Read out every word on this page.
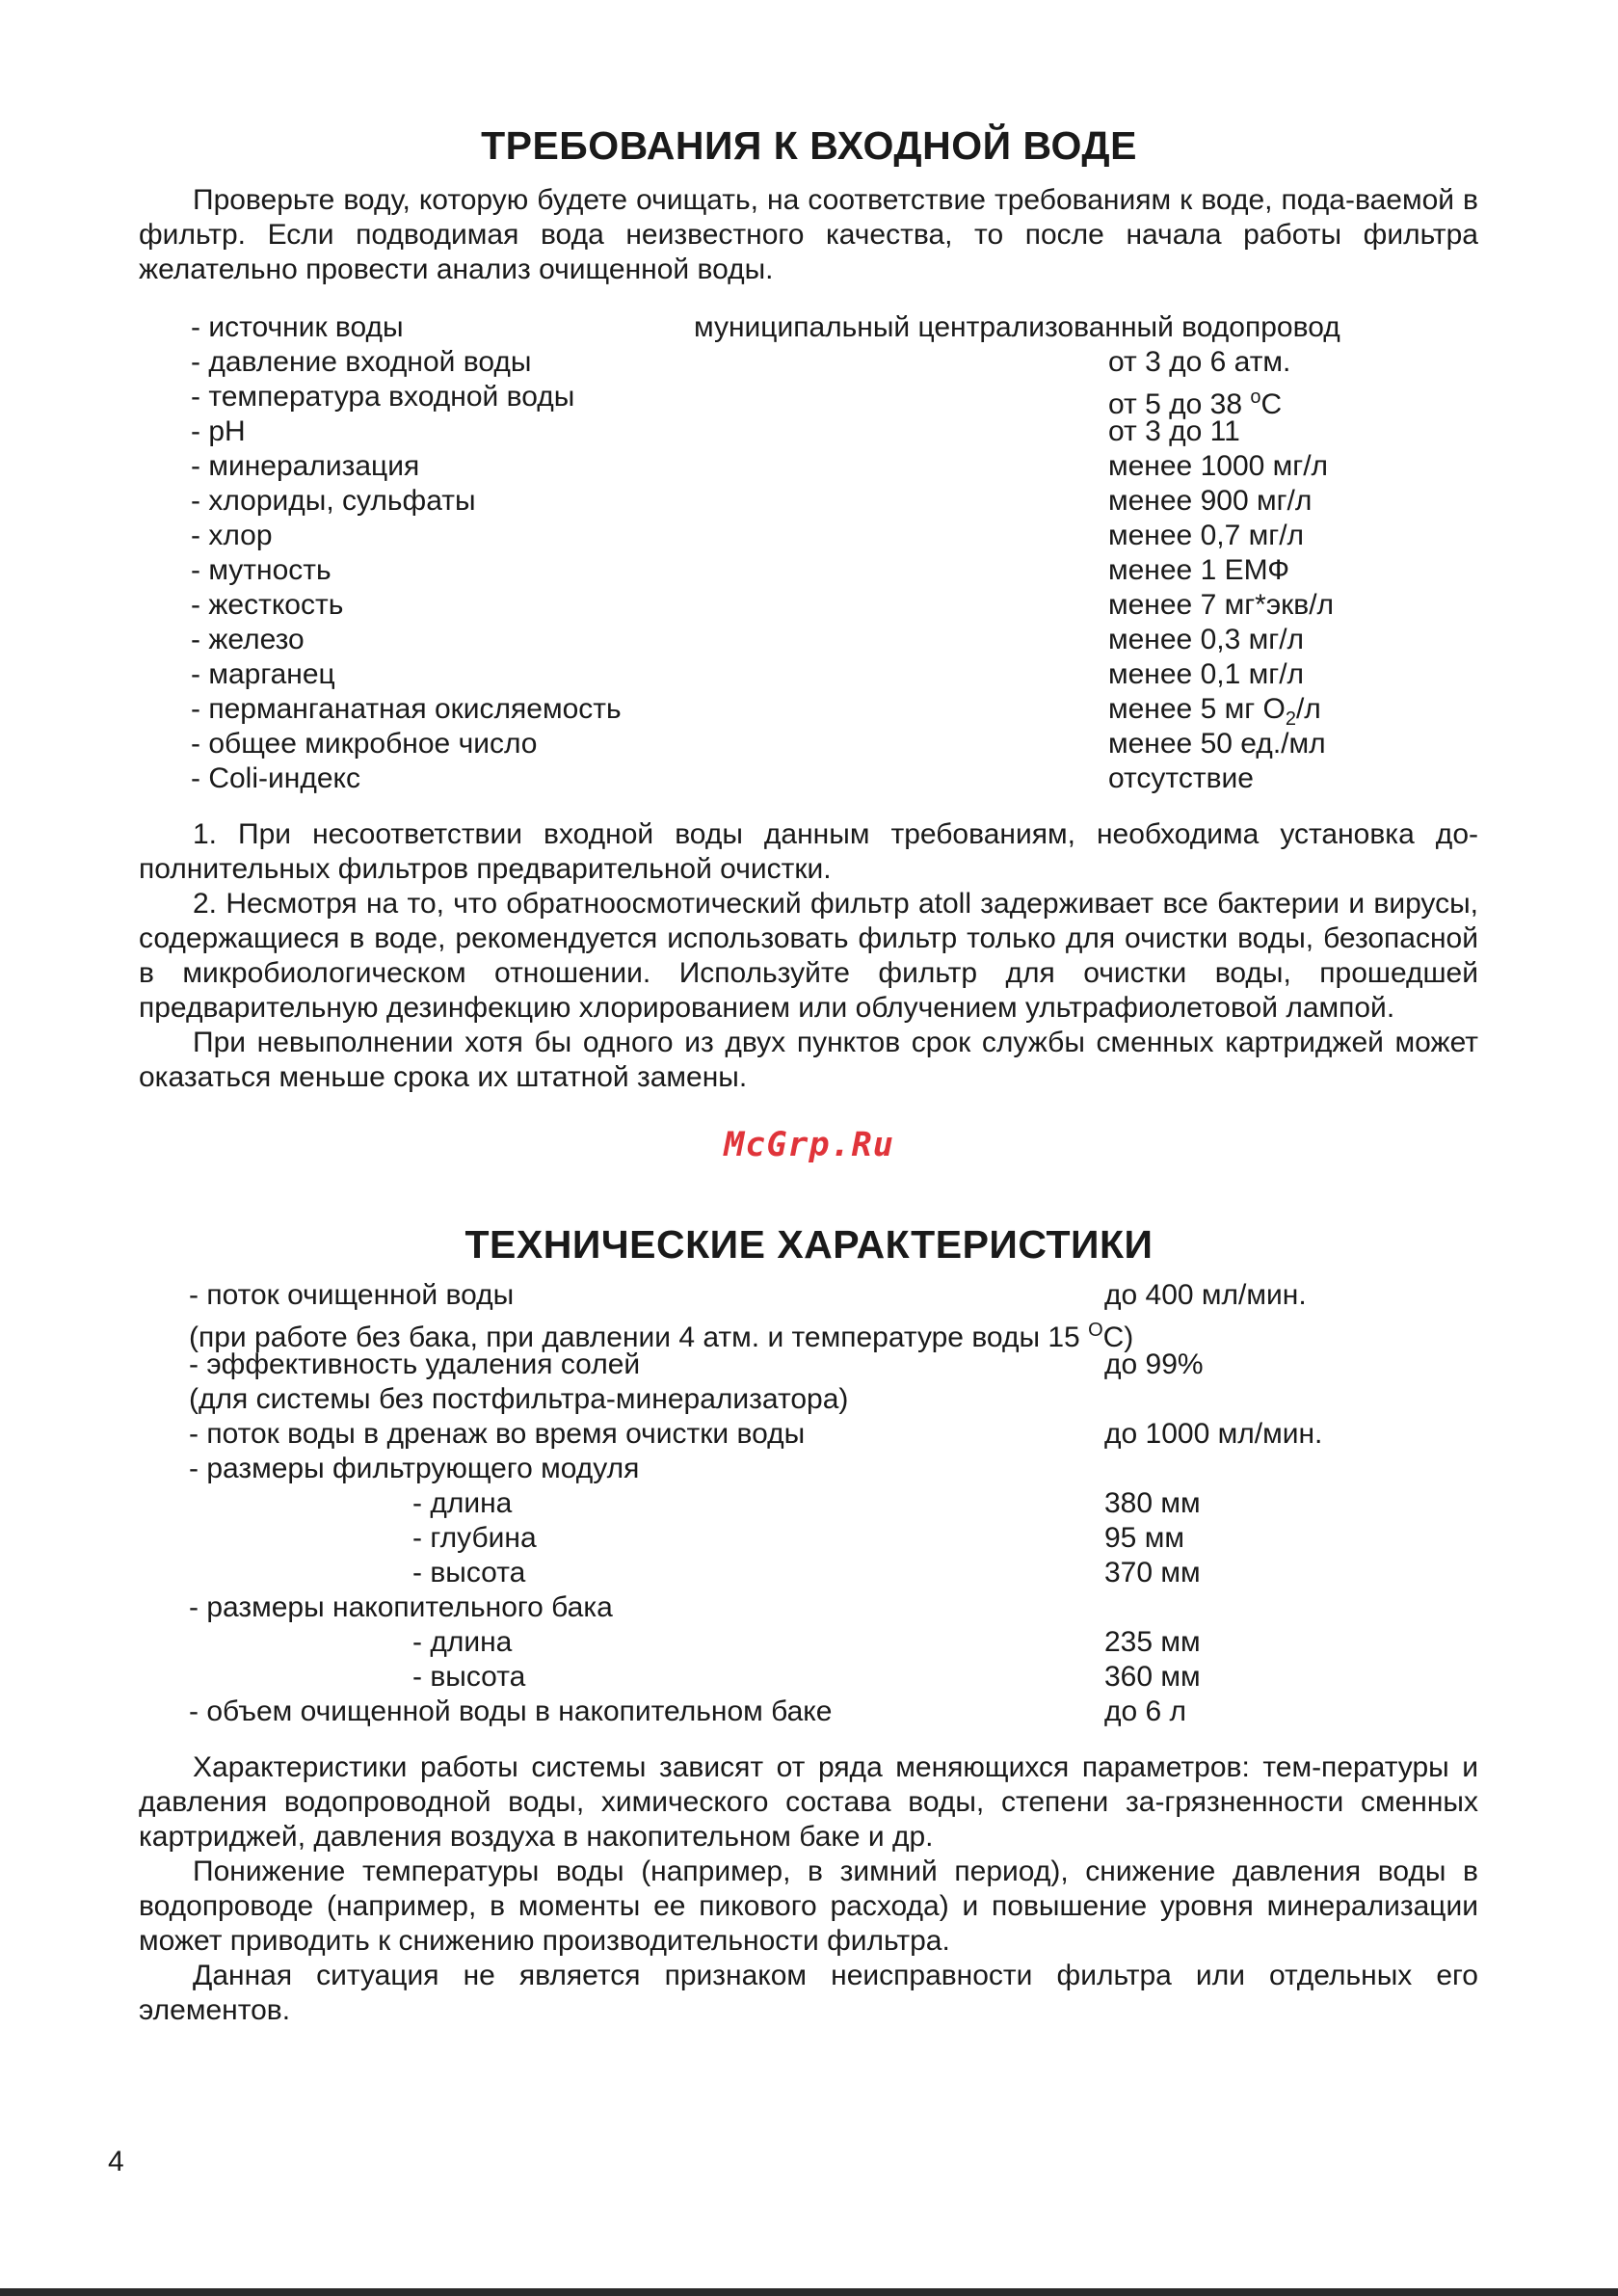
ТРЕБОВАНИЯ К ВХОДНОЙ ВОДЕ

Проверьте воду, которую будете очищать, на соответствие требованиям к воде, пода-ваемой в фильтр. Если подводимая вода неизвестного качества, то после начала работы фильтра желательно провести анализ очищенной воды.

- источник воды	муниципальный централизованный водопровод
- давление входной воды	от 3 до 6 атм.
- температура входной воды	от 5 до 38 $^о$С
- pH	от 3 до 11
- минерализация	менее 1000 мг/л
- хлориды, сульфаты	менее 900 мг/л
- хлор	менее 0,7 мг/л
- мутность	менее 1 ЕМФ
- жесткость	менее 7 мг*экв/л
- железо	менее 0,3 мг/л
- марганец	менее 0,1 мг/л
- перманганатная окисляемость	менее 5 мг $О_2/л$
- общее микробное число	менее 50 ед./мл
- Coli-индекс	отсутствие

1. При несоответствии входной воды данным требованиям, необходима установка до-полнительных фильтров предварительной очистки.

2. Несмотря на то, что обратноосмотический фильтр atoll задерживает все бактерии и вирусы, содержащиеся в воде, рекомендуется использовать фильтр только для очистки воды, безопасной в микробиологическом отношении. Используйте фильтр для очистки воды, прошедшей предварительную дезинфекцию хлорированием или облучением ультрафиолетовой лампой.

При невыполнении хотя бы одного из двух пунктов срок службы сменных картриджей может оказаться меньше срока их штатной замены.

McGrp.Ru
ТЕХНИЧЕСКИЕ ХАРАКТЕРИСТИКИ
- поток очищенной воды	до 400 мл/мин.
(при работе без бака, при давлении 4 атм. и температуре воды 15 $^О$С)
- эффективность удаления солей	до 99%
(для системы без постфильтра-минерализатора)
- поток воды в дренаж во время очистки воды	до 1000 мл/мин.
- размеры фильтрующего модуля
- длина	380 мм
- глубина	95 мм
- высота	370 мм
- размеры накопительного бака
- длина	235 мм
- высота	360 мм
- объем очищенной воды в накопительном баке	до 6 л

Характеристики работы системы зависят от ряда меняющихся параметров: тем-пературы и давления водопроводной воды, химического состава воды, степени за-грязненности сменных картриджей, давления воздуха в накопительном баке и др.

Понижение температуры воды (например, в зимний период), снижение давления воды в водопроводе (например, в моменты ее пикового расхода) и повышение уровня минерализации может приводить к снижению производительности фильтра.

Данная ситуация не является признаком неисправности фильтра или отдельных его элементов.

4
